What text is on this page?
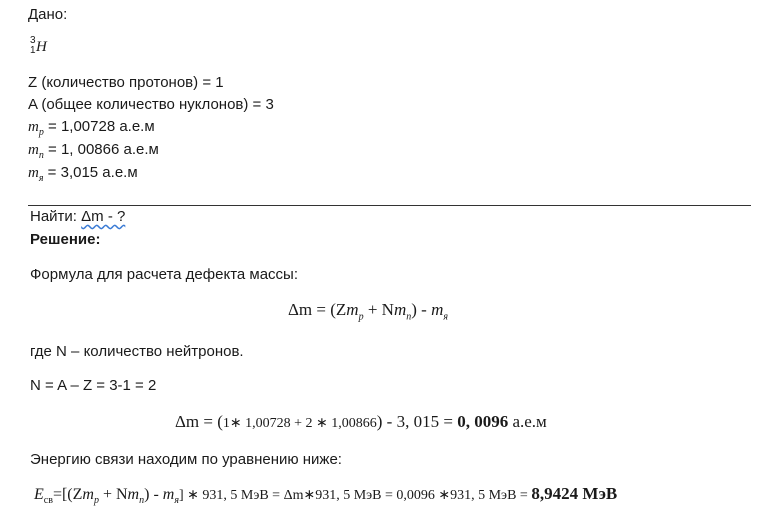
Дано:
3
1 H
Z (количество протонов) = 1
A (общее количество нуклонов) = 3
$m_p = 1,00728$ а.е.м
$m_n = 1$, 00866 а.е.м
$m_я = 3,015$ а.е.м
Найти: Δm - ?
Решение:
Формула для расчета дефекта массы:
$\Delta m = (Zm_p + Nm_n) - m_я$
где N – количество нейтронов.
N = A – Z = 3-1 = 2
Δm = (1∗ 1,00728 + 2 ∗ 1,00866) - 3, 015 = 0, 0096 а.е.м
Энергию связи находим по уравнению ниже:
$E_{св}=[(Zm_p + Nm_n) - m_я]$ ∗ 931, 5 МэВ = Δm∗931, 5 МэВ = 0,0096 ∗931, 5 МэВ = 8,9424 МэВ
